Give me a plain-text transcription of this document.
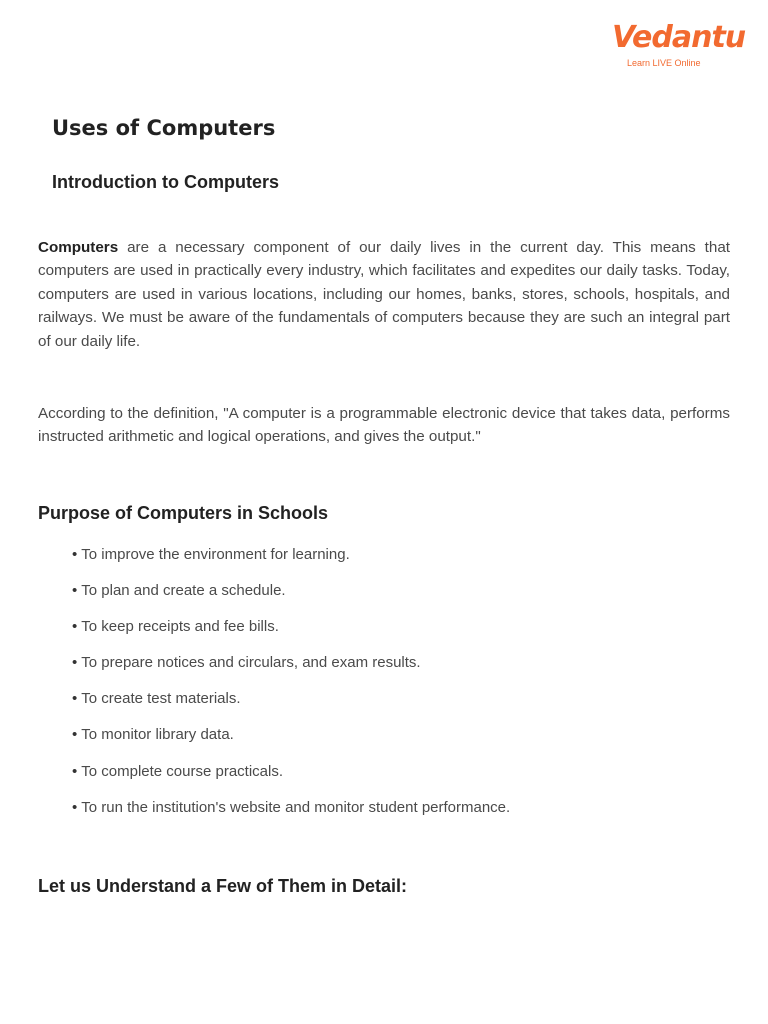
Vedantu
Learn LIVE Online
Uses of Computers
Introduction to Computers

Computers are a necessary component of our daily lives in the current day. This means that computers are used in practically every industry, which facilitates and expedites our daily tasks. Today, computers are used in various locations, including our homes, banks, stores, schools, hospitals, and railways. We must be aware of the fundamentals of computers because they are such an integral part of our daily life.

According to the definition, "A computer is a programmable electronic device that takes data, performs instructed arithmetic and logical operations, and gives the output."

Purpose of Computers in Schools
• To improve the environment for learning.
• To plan and create a schedule.
• To keep receipts and fee bills.
• To prepare notices and circulars, and exam results.
• To create test materials.
• To monitor library data.
• To complete course practicals.
• To run the institution's website and monitor student performance.
Let us Understand a Few of Them in Detail:
